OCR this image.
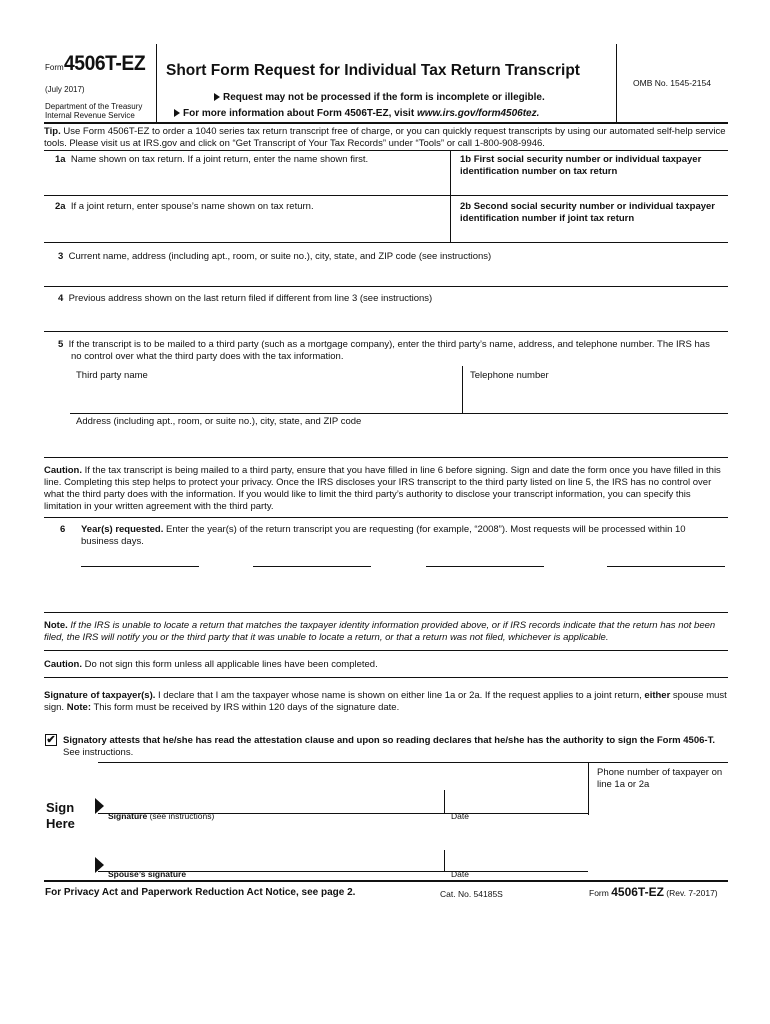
Form 4506T-EZ
(July 2017)
Department of the Treasury
Internal Revenue Service
Short Form Request for Individual Tax Return Transcript
Request may not be processed if the form is incomplete or illegible.
For more information about Form 4506T-EZ, visit www.irs.gov/form4506tez.
OMB No. 1545-2154

Tip. Use Form 4506T-EZ to order a 1040 series tax return transcript free of charge, or you can quickly request transcripts by using our automated self-help service tools. Please visit us at IRS.gov and click on “Get Transcript of Your Tax Records” under “Tools” or call 1-800-908-9946.

1a Name shown on tax return. If a joint return, enter the name shown first.	1b First social security number or individual taxpayer identification number on tax return
2a If a joint return, enter spouse’s name shown on tax return.	2b Second social security number or individual taxpayer identification number if joint tax return
3 Current name, address (including apt., room, or suite no.), city, state, and ZIP code (see instructions)
4 Previous address shown on the last return filed if different from line 3 (see instructions)

5 If the transcript is to be mailed to a third party (such as a mortgage company), enter the third party’s name, address, and telephone number. The IRS has no control over what the third party does with the tax information.

Third party name	Telephone number
Address (including apt., room, or suite no.), city, state, and ZIP code

Caution. If the tax transcript is being mailed to a third party, ensure that you have filled in line 6 before signing. Sign and date the form once you have filled in this line. Completing this step helps to protect your privacy. Once the IRS discloses your IRS transcript to the third party listed on line 5, the IRS has no control over what the third party does with the information. If you would like to limit the third party’s authority to disclose your transcript information, you can specify this limitation in your written agreement with the third party.

6 Year(s) requested. Enter the year(s) of the return transcript you are requesting (for example, “2008”). Most requests will be processed within 10 business days.

Note. If the IRS is unable to locate a return that matches the taxpayer identity information provided above, or if IRS records indicate that the return has not been filed, the IRS will notify you or the third party that it was unable to locate a return, or that a return was not filed, whichever is applicable.

Caution. Do not sign this form unless all applicable lines have been completed.

Signature of taxpayer(s). I declare that I am the taxpayer whose name is shown on either line 1a or 2a. If the request applies to a joint return, either spouse must sign. Note: This form must be received by IRS within 120 days of the signature date.

✔ Signatory attests that he/she has read the attestation clause and upon so reading declares that he/she has the authority to sign the Form 4506-T. See instructions.

Phone number of taxpayer on line 1a or 2a

Sign
Here	Signature (see instructions)	Date
Spouse’s signature	Date
For Privacy Act and Paperwork Reduction Act Notice, see page 2.	Cat. No. 54185S	Form 4506T-EZ (Rev. 7-2017)
